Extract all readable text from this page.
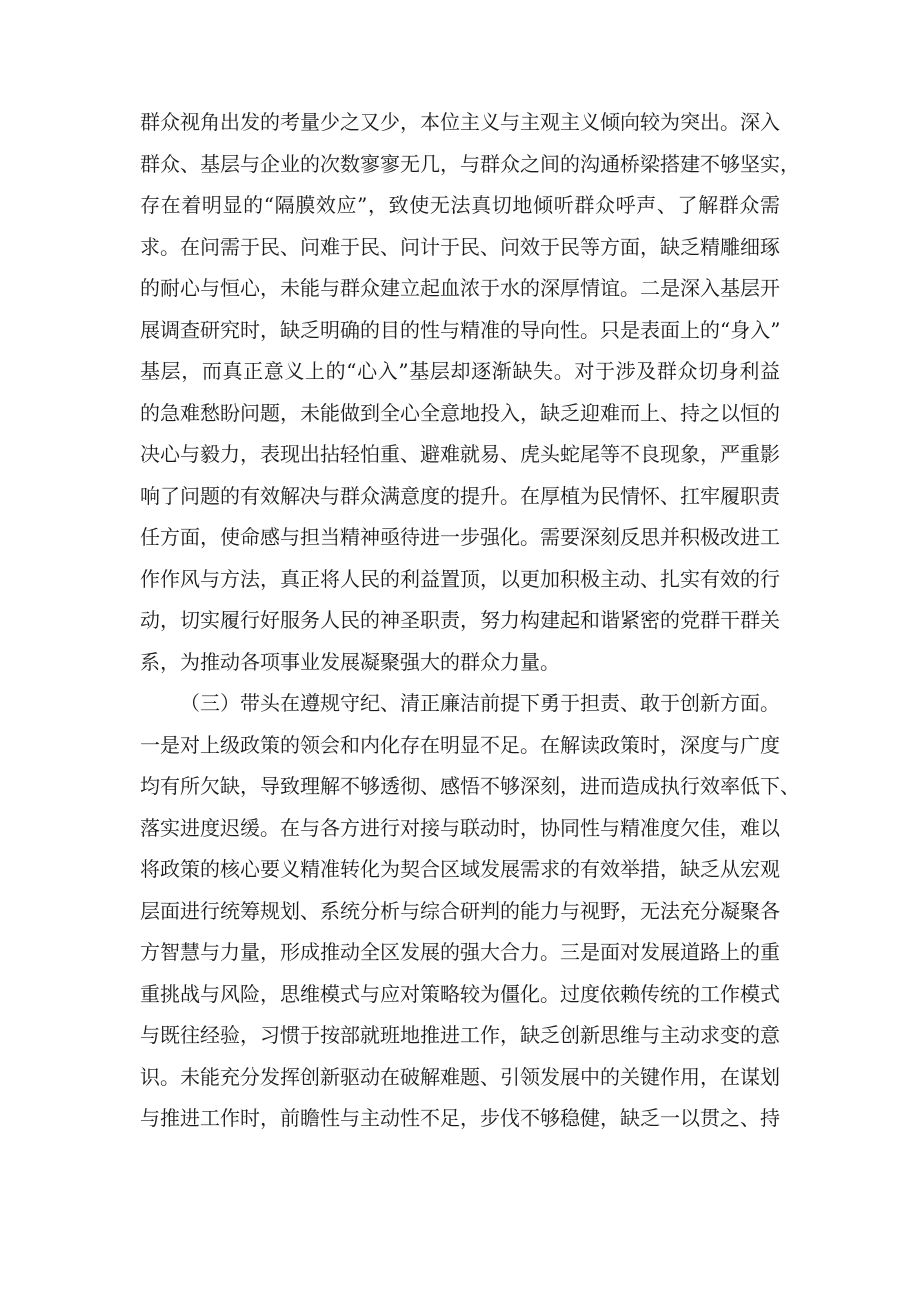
群众视角出发的考量少之又少，本位主义与主观主义倾向较为突出。深入
群众、基层与企业的次数寥寥无几，与群众之间的沟通桥梁搭建不够坚实，
存在着明显的“隔膜效应”，致使无法真切地倾听群众呼声、了解群众需
求。在问需于民、问难于民、问计于民、问效于民等方面，缺乏精雕细琢
的耐心与恒心，未能与群众建立起血浓于水的深厚情谊。二是深入基层开
展调查研究时，缺乏明确的目的性与精准的导向性。只是表面上的“身入”
基层，而真正意义上的“心入”基层却逐渐缺失。对于涉及群众切身利益
的急难愁盼问题，未能做到全心全意地投入，缺乏迎难而上、持之以恒的
决心与毅力，表现出拈轻怕重、避难就易、虎头蛇尾等不良现象，严重影
响了问题的有效解决与群众满意度的提升。在厚植为民情怀、扛牢履职责
任方面，使命感与担当精神亟待进一步强化。需要深刻反思并积极改进工
作作风与方法，真正将人民的利益置顶，以更加积极主动、扎实有效的行
动，切实履行好服务人民的神圣职责，努力构建起和谐紧密的党群干群关
系，为推动各项事业发展凝聚强大的群众力量。
（三）带头在遵规守纪、清正廉洁前提下勇于担责、敢于创新方面。
一是对上级政策的领会和内化存在明显不足。在解读政策时，深度与广度
均有所欠缺，导致理解不够透彻、感悟不够深刻，进而造成执行效率低下、
落实进度迟缓。在与各方进行对接与联动时，协同性与精准度欠佳，难以
将政策的核心要义精准转化为契合区域发展需求的有效举措，缺乏从宏观
层面进行统筹规划、系统分析与综合研判的能力与视野，无法充分凝聚各
方智慧与力量，形成推动全区发展的强大合力。三是面对发展道路上的重
重挑战与风险，思维模式与应对策略较为僵化。过度依赖传统的工作模式
与既往经验，习惯于按部就班地推进工作，缺乏创新思维与主动求变的意
识。未能充分发挥创新驱动在破解难题、引领发展中的关键作用，在谋划
与推进工作时，前瞻性与主动性不足，步伐不够稳健，缺乏一以贯之、持
